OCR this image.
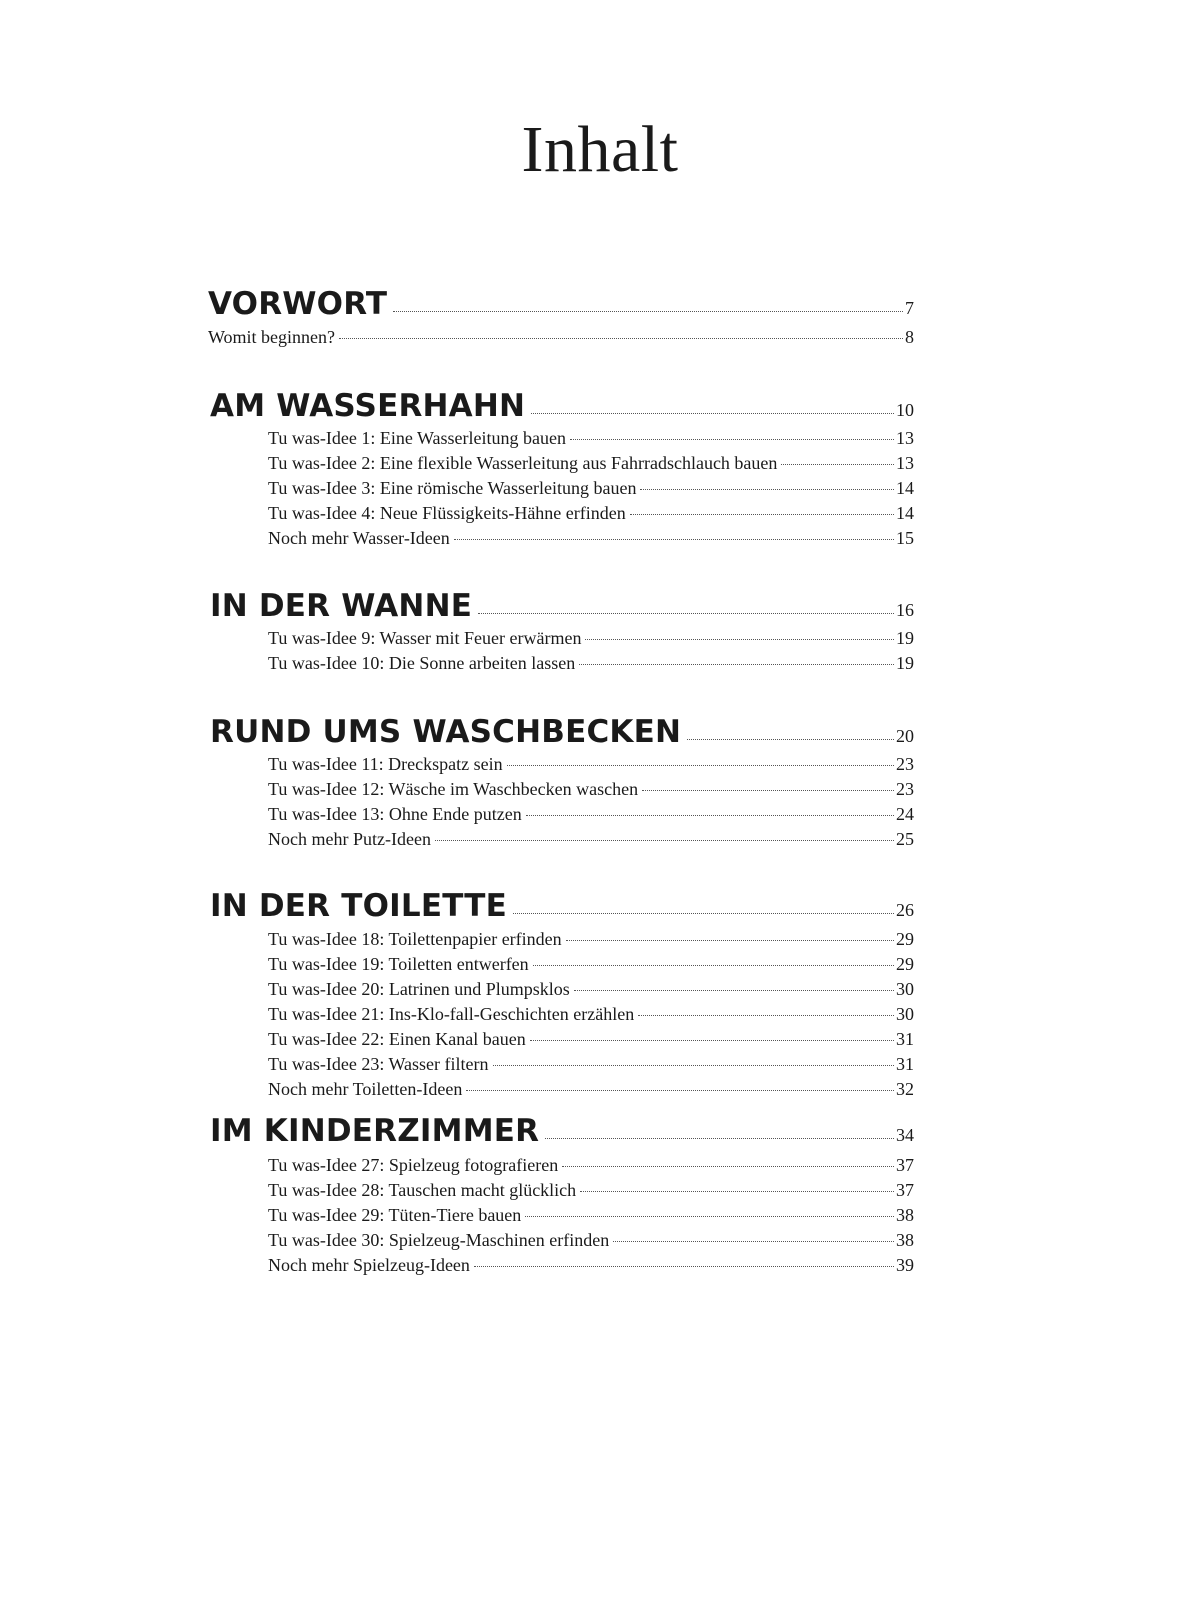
Inhalt
VORWORT	7
Womit beginnen?	8
AM WASSERHAHN	10
Tu was-Idee 1: Eine Wasserleitung bauen	13
Tu was-Idee 2: Eine flexible Wasserleitung aus Fahrradschlauch bauen	13
Tu was-Idee 3: Eine römische Wasserleitung bauen	14
Tu was-Idee 4: Neue Flüssigkeits-Hähne erfinden	14
Noch mehr Wasser-Ideen	15
IN DER WANNE	16
Tu was-Idee 9: Wasser mit Feuer erwärmen	19
Tu was-Idee 10: Die Sonne arbeiten lassen	19
RUND UMS WASCHBECKEN	20
Tu was-Idee 11: Dreckspatz sein	23
Tu was-Idee 12: Wäsche im Waschbecken waschen	23
Tu was-Idee 13: Ohne Ende putzen	24
Noch mehr Putz-Ideen	25
IN DER TOILETTE	26
Tu was-Idee 18: Toilettenpapier erfinden	29
Tu was-Idee 19: Toiletten entwerfen	29
Tu was-Idee 20: Latrinen und Plumpsklos	30
Tu was-Idee 21: Ins-Klo-fall-Geschichten erzählen	30
Tu was-Idee 22: Einen Kanal bauen	31
Tu was-Idee 23: Wasser filtern	31
Noch mehr Toiletten-Ideen	32
IM KINDERZIMMER	34
Tu was-Idee 27: Spielzeug fotografieren	37
Tu was-Idee 28: Tauschen macht glücklich	37
Tu was-Idee 29: Tüten-Tiere bauen	38
Tu was-Idee 30: Spielzeug-Maschinen erfinden	38
Noch mehr Spielzeug-Ideen	39
